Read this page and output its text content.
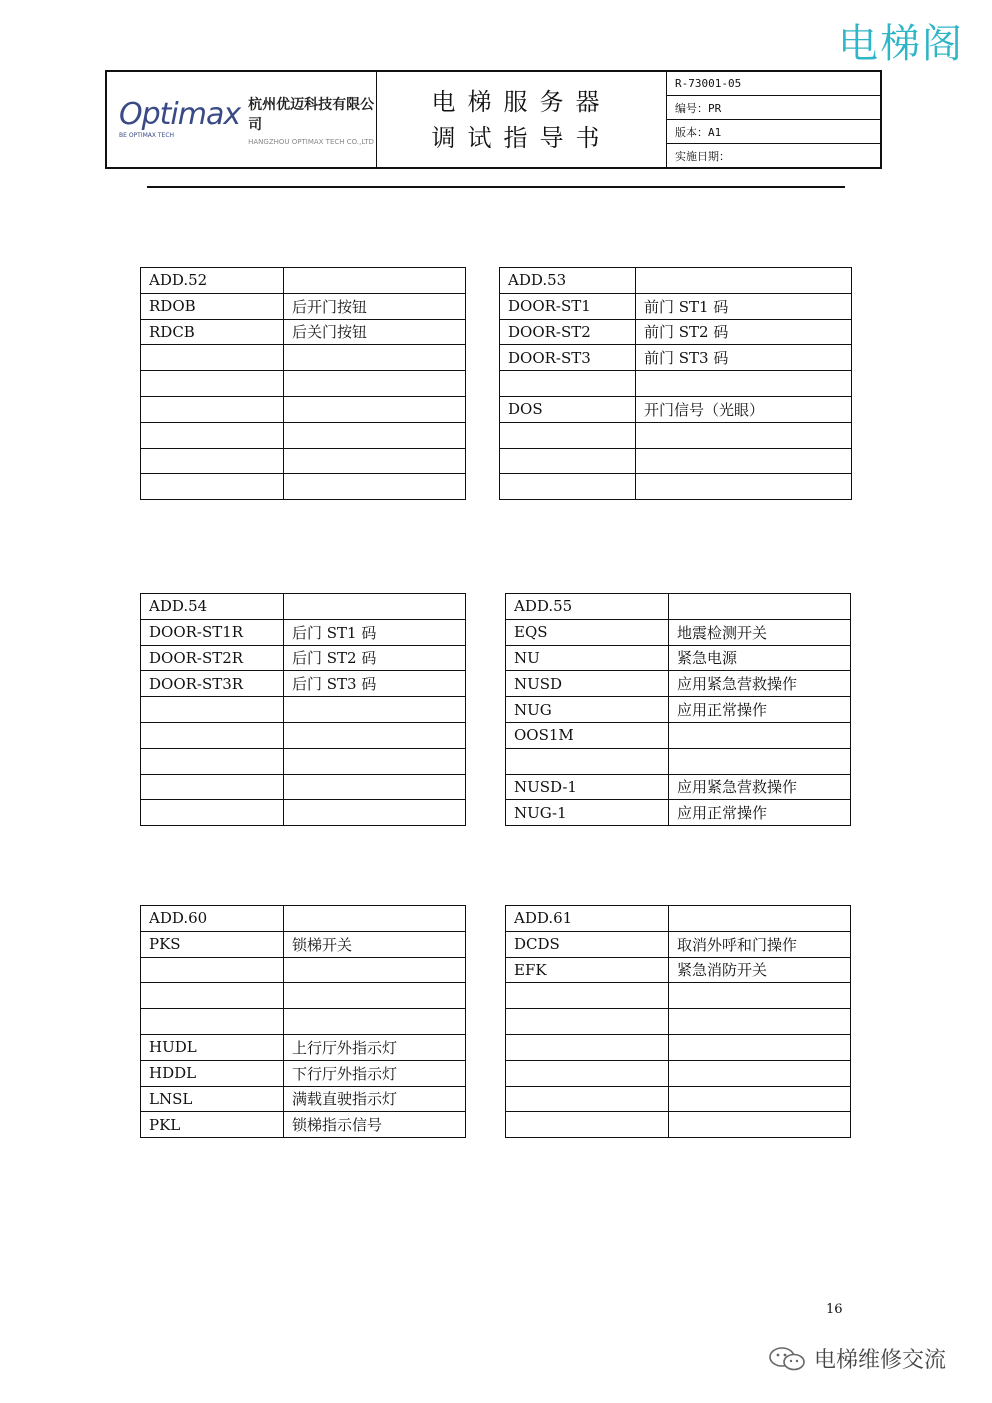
电梯阁
Optimax
BE OPTIMAX TECH
杭州优迈科技有限公司
HANGZHOU OPTIMAX TECH CO.,LTD
电梯服务器
调试指导书
R-73001-05
编号：PR
版本：A1
实施日期：
ADD.52	
RDOB	后开门按钮
RDCB	后关门按钮

ADD.53	
DOOR-ST1	前门 ST1 码
DOOR-ST2	前门 ST2 码
DOOR-ST3	前门 ST3 码

DOS	开门信号（光眼）

ADD.54	
DOOR-ST1R	后门 ST1 码
DOOR-ST2R	后门 ST2 码
DOOR-ST3R	后门 ST3 码

ADD.55	
EQS	地震检测开关
NU	紧急电源
NUSD	应用紧急营救操作
NUG	应用正常操作
OOS1M	

NUSD-1	应用紧急营救操作
NUG-1	应用正常操作
ADD.60	
PKS	锁梯开关

HUDL	上行厅外指示灯
HDDL	下行厅外指示灯
LNSL	满载直驶指示灯
PKL	锁梯指示信号
ADD.61	
DCDS	取消外呼和门操作
EFK	紧急消防开关

16
电梯维修交流
